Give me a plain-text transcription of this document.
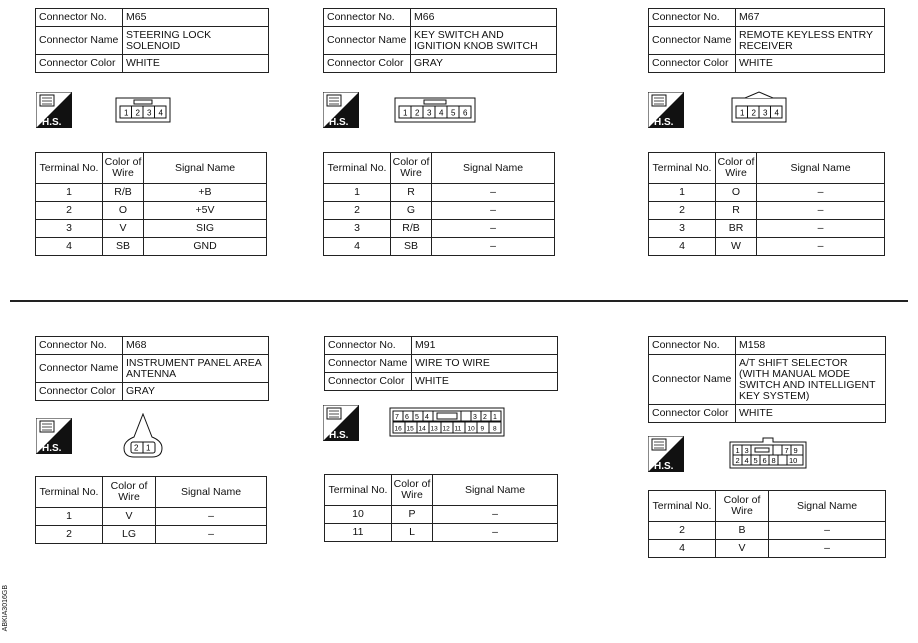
Connector No.	M65
Connector Name	STEERING LOCK SOLENOID
Connector Color	WHITE
H.S.
1 2 3 4
Terminal No.	Color of
Wire	Signal Name
1	R/B	+B
2	O	+5V
3	V	SIG
4	SB	GND
Connector No.	M66
Connector Name	KEY SWITCH AND IGNITION KNOB SWITCH
Connector Color	GRAY
H.S.
1 2 3 4 5 6
Terminal No.	Color of
Wire	Signal Name
1	R	–
2	G	–
3	R/B	–
4	SB	–
Connector No.	M67
Connector Name	REMOTE KEYLESS ENTRY RECEIVER
Connector Color	WHITE
H.S.
1 2 3 4
Terminal No.	Color of
Wire	Signal Name
1	O	–
2	R	–
3	BR	–
4	W	–
Connector No.	M68
Connector Name	INSTRUMENT PANEL AREA ANTENNA
Connector Color	GRAY
H.S.	2 1
Terminal No.	Color of
Wire	Signal Name
1	V	–
2	LG	–
Connector No.	M91
Connector Name	WIRE TO WIRE
Connector Color	WHITE
H.S.
7 6 5 4	3 2 1
16 15 14 13 12 11 10 9 8
Terminal No.	Color of
Wire	Signal Name
10	P	–
11	L	–
Connector No.	M158
Connector Name	A/T SHIFT SELECTOR
(WITH MANUAL MODE
SWITCH AND INTELLIGENT
KEY SYSTEM)
Connector Color	WHITE
H.S.
1 3	7 9
2 4 5 6 8 10
Terminal No.	Color of
Wire	Signal Name
2	B	–
4	V	–
ABKIA3016GB
